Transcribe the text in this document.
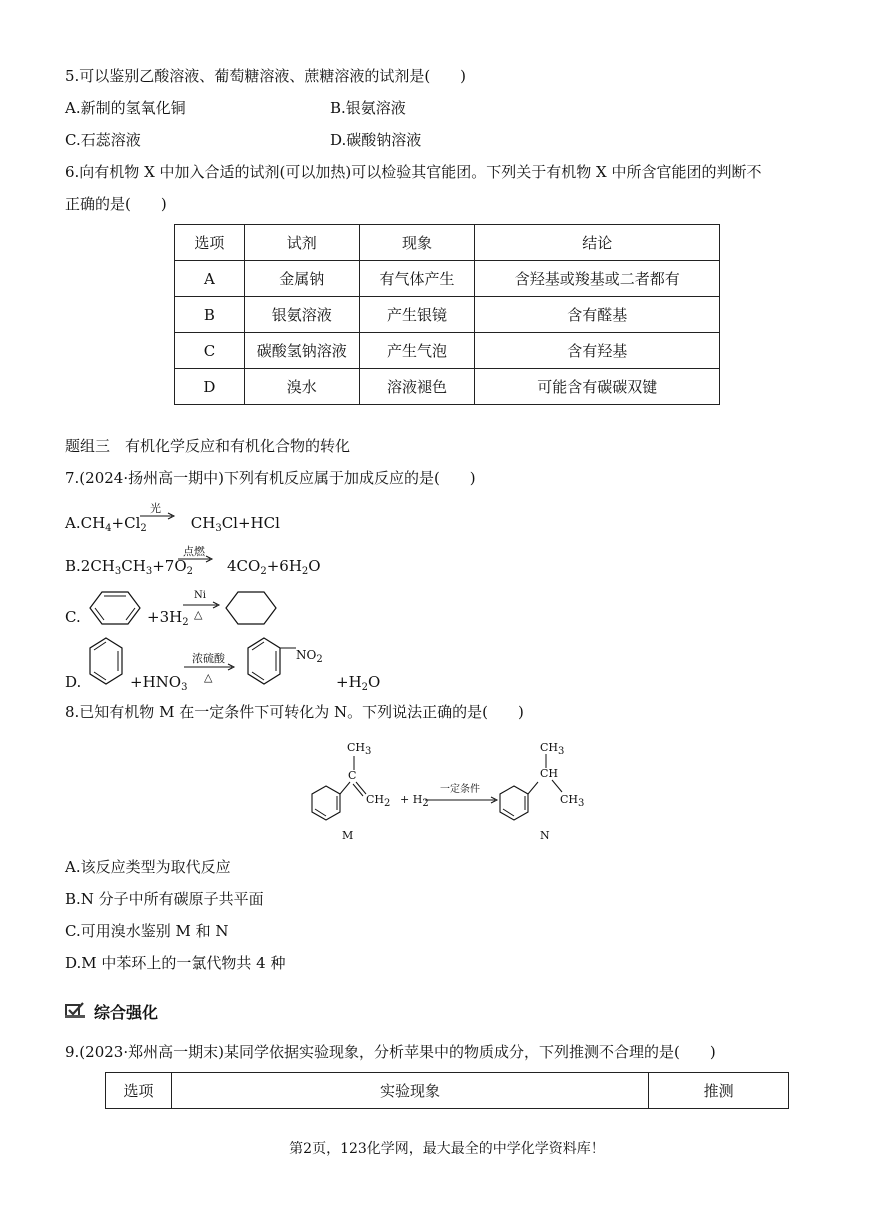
5.可以鉴别乙酸溶液、葡萄糖溶液、蔗糖溶液的试剂是(　　)
A.新制的氢氧化铜	B.银氨溶液
C.石蕊溶液	D.碳酸钠溶液
6.向有机物 X 中加入合适的试剂(可以加热)可以检验其官能团。下列关于有机物 X 中所含官能团的判断不
正确的是(　　)
选项	试剂	现象	结论
A	金属钠	有气体产生	含羟基或羧基或二者都有
B	银氨溶液	产生银镜	含有醛基
C	碳酸氢钠溶液	产生气泡	含有羟基
D	溴水	溶液褪色	可能含有碳碳双键
题组三　有机化学反应和有机化合物的转化
7.(2024·扬州高一期中)下列有机反应属于加成反应的是(　　)
$A.CH_4+Cl_2$	$CH_3Cl+HCl$
光
$B.2CH_3CH_3+7O_2$ $4CO_2+6H_2O$
点燃
C.	$+3H_2$
Ni
△
D.	$+HNO_3$
浓硫酸
△
$NO_2$
$+H_2O$
8.已知有机物 M 在一定条件下可转化为 N。下列说法正确的是(　　)
$CH_3$
C
$CH_2 + H_2$
一定条件
$CH_3$
CH
$CH_3$
M	N
A.该反应类型为取代反应
B.N 分子中所有碳原子共平面
C.可用溴水鉴别 M 和 N
D.M 中苯环上的一氯代物共 4 种
综合强化
9.(2023·郑州高一期末)某同学依据实验现象，分析苹果中的物质成分，下列推测不合理的是(　　)
选项	实验现象	推测
第2页，123化学网，最大最全的中学化学资料库！
